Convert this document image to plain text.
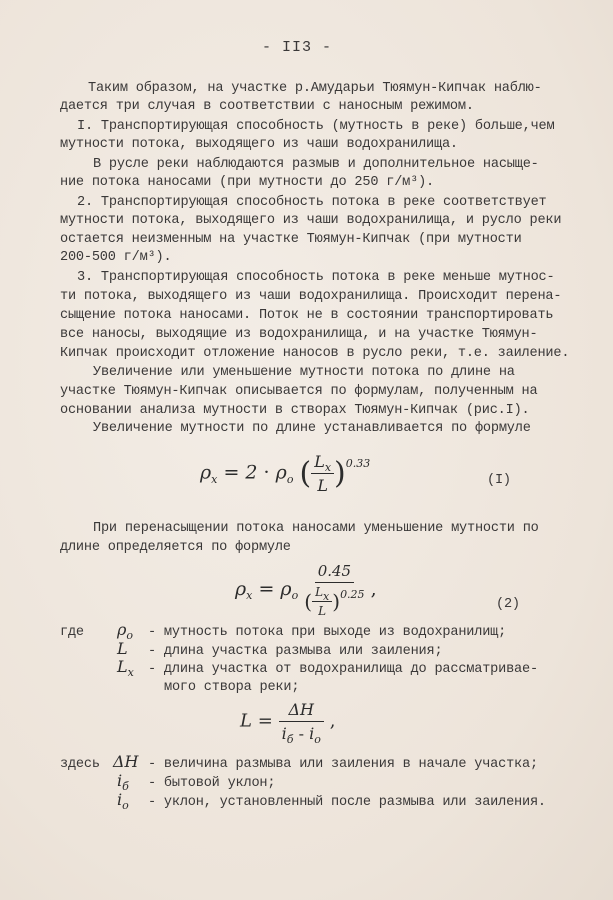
- II3 -
Таким образом, на участке р.Амударьи Тюямун-Кипчак наблю-
дается три случая в соответствии с наносным режимом.
I. Транспортирующая способность (мутность в реке) больше,чем
мутности потока, выходящего из чаши водохранилища.
В русле реки наблюдаются размыв и дополнительное насыще-
ние потока наносами (при мутности до 250 г/м³).
2. Транспортирующая способность потока в реке соответствует
мутности потока, выходящего из чаши водохранилища, и русло реки
остается неизменным на участке Тюямун-Кипчак (при мутности
200-500 г/м³).
3. Транспортирующая способность потока в реке меньше мутнос-
ти потока, выходящего из чаши водохранилища. Происходит перена-
сыщение потока наносами. Поток не в состоянии транспортировать
все наносы, выходящие из водохранилища, и на участке Тюямун-
Кипчак происходит отложение наносов в русло реки, т.е. заиление.
Увеличение или уменьшение мутности потока по длине на
участке Тюямун-Кипчак описывается по формулам, полученным на
основании анализа мутности в створах Тюямун-Кипчак (рис.I).
Увеличение мутности по длине устанавливается по формуле
$\rho_x = 2 \cdot \rho_o$ ( $\frac{L_x}{L} )^{0.33}$
(I)
При перенасыщении потока наносами уменьшение мутности по
длине определяется по формуле
$\rho_x = \rho_o \frac{0.45}{( \frac{Lx}{L} )^{0.25}}$ ,
(2)
где $\rho_o$ - мутность потока при выходе из водохранилищ;
L - длина участка размыва или заиления;
$L_x$ - длина участка от водохранилища до рассматривае-
мого створа реки;
$L = \frac{\Delta H}{i_б - i_o}$ ,
здесь ΔH - величина размыва или заиления в начале участка;
$i_б$ - бытовой уклон;
$i_o$ - уклон, установленный после размыва или заиления.
